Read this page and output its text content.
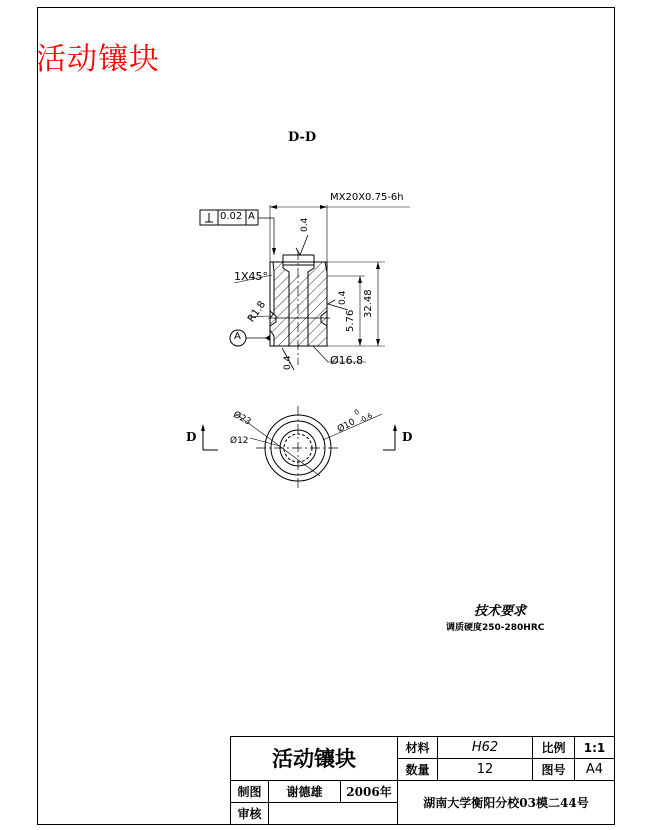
活动镶块
D-D
MX20X0.75-6h
0.02 A
0.4
1X45°
R1.8
A
0.4
5.76
32.48
0.4	Ø16.8
Ø23
Ø12
Ø10
0
-0.6
D	D
技术要求
调质硬度250-280HRC
活动镶块	材料	H62	比例	1:1
数量	12	图号	A4
制图	谢德雄	2006年
审核
湖南大学衡阳分校03模二44号
